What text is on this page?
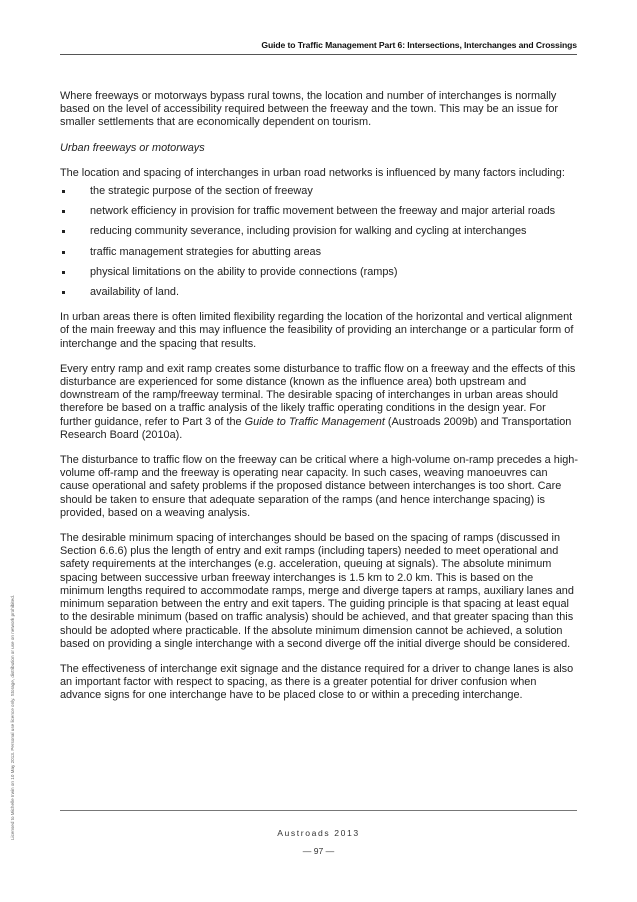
Guide to Traffic Management Part 6: Intersections, Interchanges and Crossings

Where freeways or motorways bypass rural towns, the location and number of interchanges is normally based on the level of accessibility required between the freeway and the town. This may be an issue for smaller settlements that are economically dependent on tourism.

Urban freeways or motorways

The location and spacing of interchanges in urban road networks is influenced by many factors including:

the strategic purpose of the section of freeway
network efficiency in provision for traffic movement between the freeway and major arterial roads
reducing community severance, including provision for walking and cycling at interchanges
traffic management strategies for abutting areas
physical limitations on the ability to provide connections (ramps)
availability of land.

In urban areas there is often limited flexibility regarding the location of the horizontal and vertical alignment of the main freeway and this may influence the feasibility of providing an interchange or a particular form of interchange and the spacing that results.

Every entry ramp and exit ramp creates some disturbance to traffic flow on a freeway and the effects of this disturbance are experienced for some distance (known as the influence area) both upstream and downstream of the ramp/freeway terminal. The desirable spacing of interchanges in urban areas should therefore be based on a traffic analysis of the likely traffic operating conditions in the design year. For further guidance, refer to Part 3 of the Guide to Traffic Management (Austroads 2009b) and Transportation Research Board (2010a).

The disturbance to traffic flow on the freeway can be critical where a high-volume on-ramp precedes a high-volume off-ramp and the freeway is operating near capacity. In such cases, weaving manoeuvres can cause operational and safety problems if the proposed distance between interchanges is too short. Care should be taken to ensure that adequate separation of the ramps (and hence interchange spacing) is provided, based on a weaving analysis.

The desirable minimum spacing of interchanges should be based on the spacing of ramps (discussed in Section 6.6.6) plus the length of entry and exit ramps (including tapers) needed to meet operational and safety requirements at the interchanges (e.g. acceleration, queuing at signals). The absolute minimum spacing between successive urban freeway interchanges is 1.5 km to 2.0 km. This is based on the minimum lengths required to accommodate ramps, merge and diverge tapers at ramps, auxiliary lanes and minimum separation between the entry and exit tapers. The guiding principle is that spacing at least equal to the desirable minimum (based on traffic analysis) should be achieved, and that greater spacing than this should be adopted where practicable. If the absolute minimum dimension cannot be achieved, a solution based on providing a single interchange with a second diverge off the initial diverge should be considered.

The effectiveness of interchange exit signage and the distance required for a driver to change lanes is also an important factor with respect to spacing, as there is a greater potential for driver confusion when advance signs for one interchange have to be placed close to or within a preceding interchange.

Licensed to Michelle Irwin on 10 May 2013. Personal use licence only. Storage, distribution or use on network prohibited.	Austroads 2013
— 97 —
